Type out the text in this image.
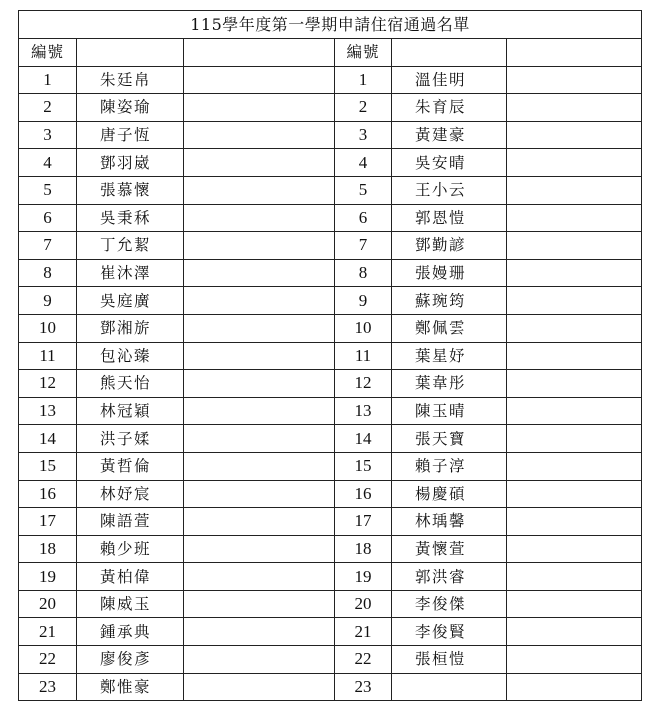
115學年度第一學期申請住宿通過名單					
編號			編號		
1	朱廷帛		1	溫佳明	
2	陳姿瑜		2	朱育辰	
3	唐子恆		3	黃建豪	
4	鄧羽崴		4	吳安晴	
5	張慕懷		5	王小云	
6	吳秉秝		6	郭恩愷	
7	丁允絜		7	鄧勤諺	
8	崔沐澤		8	張嫚珊	
9	吳庭廣		9	蘇琬筠	
10	鄧湘旂		10	鄭佩雲	
11	包沁臻		11	葉星妤	
12	熊天怡		12	葉韋彤	
13	林冠穎		13	陳玉晴	
14	洪子媃		14	張天寶	
15	黃哲倫		15	賴子淳	
16	林妤宸		16	楊慶碩	
17	陳語萱		17	林瑀馨	
18	賴少班		18	黃懷萱	
19	黃柏偉		19	郭洪睿	
20	陳威玉		20	李俊傑	
21	鍾承典		21	李俊賢	
22	廖俊彥		22	張桓愷	
23	鄭惟豪		23		
